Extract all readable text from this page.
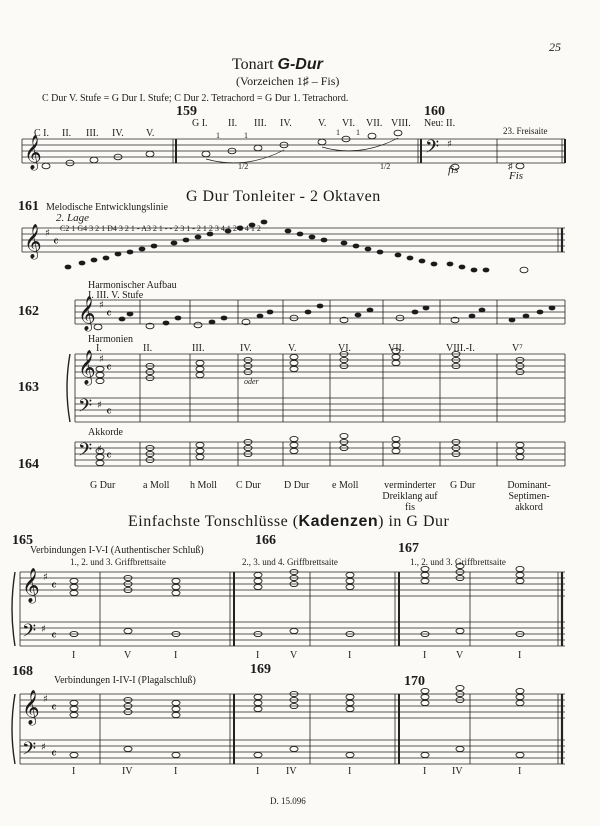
𝄞	𝄢 ♯
𝄞 ♯
𝄴
𝄞 ♯
𝄴
𝄞 ♯
𝄴
𝄢 ♯ 𝄴
𝄢 ♯ 𝄴
𝄞 ♯
𝄴
𝄢 ♯ 𝄴
𝄞 ♯
𝄴
𝄢 ♯ 𝄴
♯
25
Tonart G-Dur
(Vorzeichen 1♯ – Fis)
C Dur V. Stufe = G Dur I. Stufe; C Dur 2. Tetrachord = G Dur 1. Tetrachord.
159
C I. II. III. IV. V.
G I. II. III. IV.	V. VI. VII. VIII.
1	1	1 1
1/2	1/2
160
Neu: II.
fis
23. Freisaite
Fis
G Dur Tonleiter - 2 Oktaven
161 Melodische Entwicklungslinie
2. Lage
C2 1 G4 3 2 1 D4 3 2 1 - A3 2 1 - - 2 3 1 - 2 1 2 3 4 1 2 3 4 1 2
162
Harmonischer Aufbau
I. III. V. Stufe
163
Harmonien
I.	II.	III.	IV.	V.	VI.	VII.	VIII.-I.	V⁷
oder
164
Akkorde
G Dur	a Moll h Moll C Dur D Dur e Moll	verminderter Dreiklang auf fis
G Dur	Dominant-Septimen-akkord
Einfachste Tonschlüsse (Kadenzen) in G Dur
165
Verbindungen I-V-I (Authentischer Schluß)
1., 2. und 3. Griffbrettsaite
I	V	I
166
2., 3. und 4. Griffbrettsaite
I	V	I
167
1., 2. und 3. Griffbrettsaite
I	V	I
168
Verbindungen I-IV-I (Plagalschluß)
I	IV	I
169
I	IV	I
170
I	IV	I
D. 15.096
